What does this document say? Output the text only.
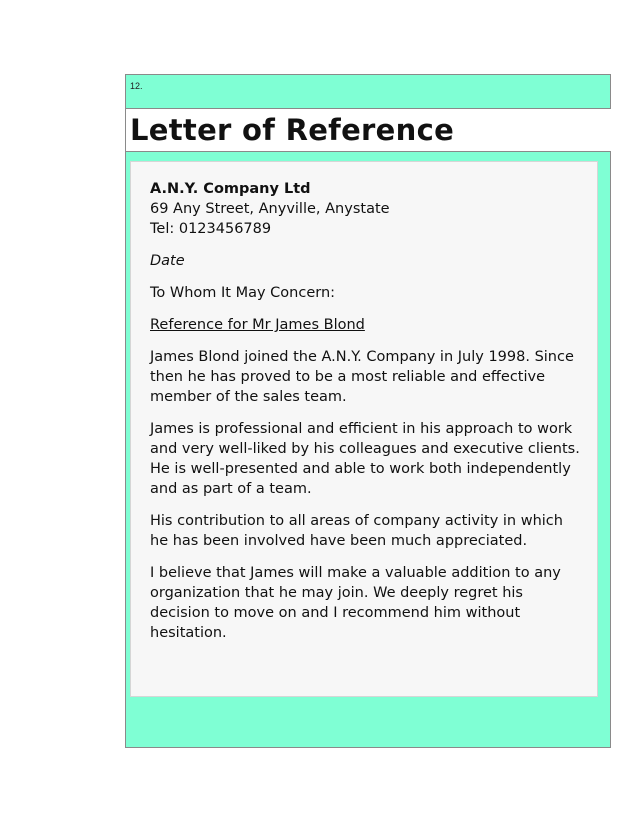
12.
Letter of Reference

A.N.Y. Company Ltd

69 Any Street, Anyville, Anystate

Tel: 0123456789

Date

To Whom It May Concern:

Reference for Mr James Blond

James Blond joined the A.N.Y. Company in July 1998. Since then he has proved to be a most reliable and effective member of the sales team.

James is professional and efficient in his approach to work and very well-liked by his colleagues and executive clients. He is well-presented and able to work both independently and as part of a team.

His contribution to all areas of company activity in which he has been involved have been much appreciated.

I believe that James will make a valuable addition to any organization that he may join. We deeply regret his decision to move on and I recommend him without hesitation.
